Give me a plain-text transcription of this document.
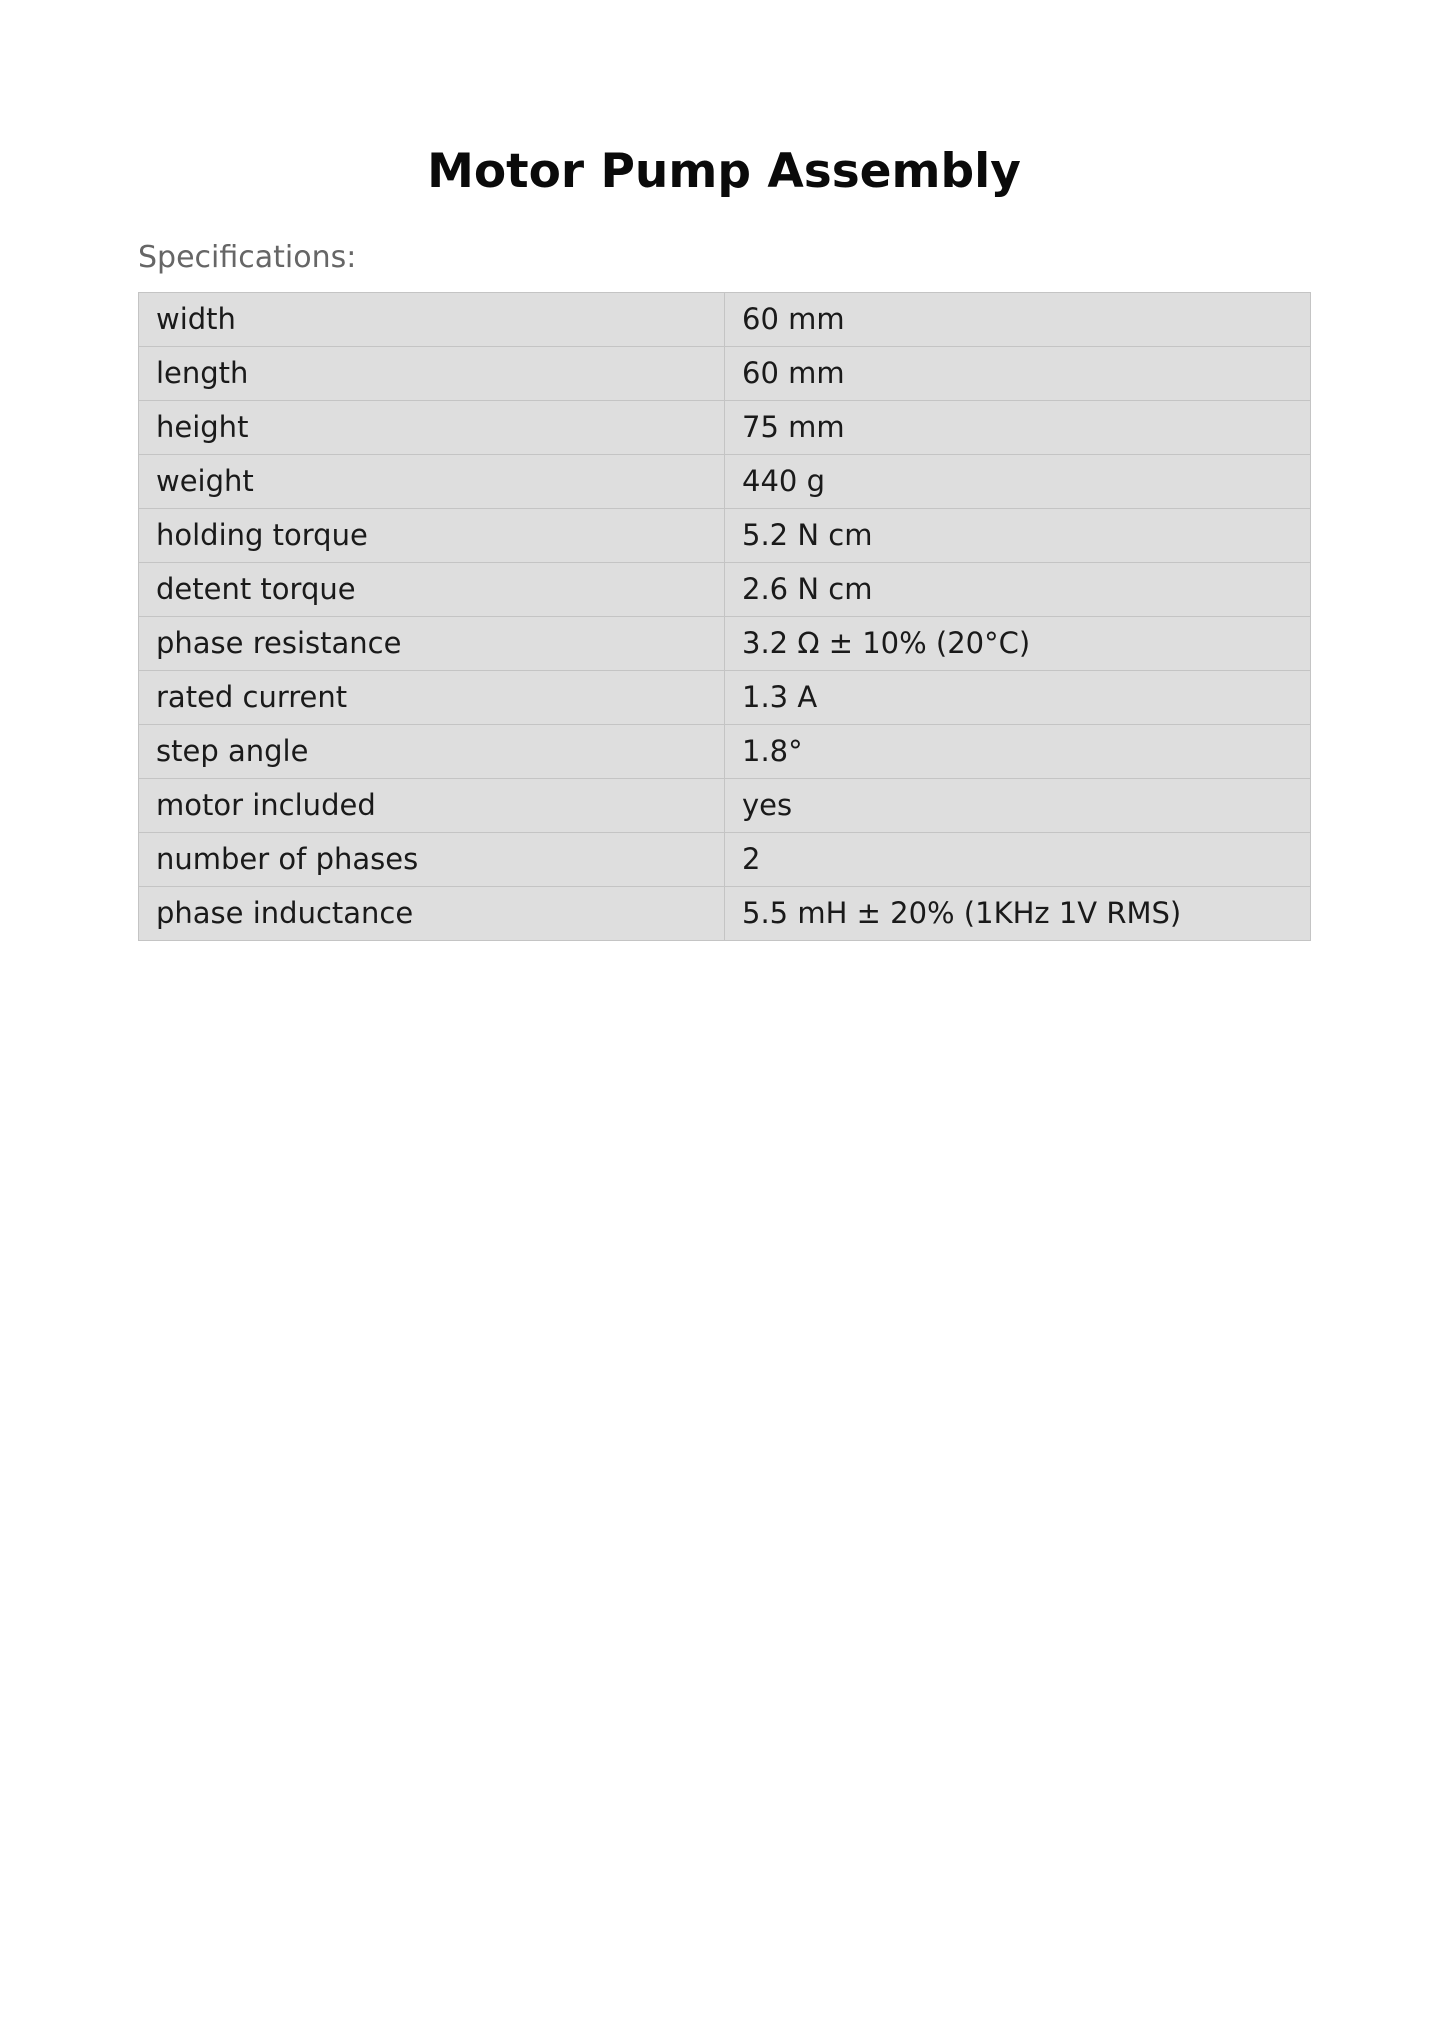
Motor Pump Assembly
Specifications:
width	60 mm
length	60 mm
height	75 mm
weight	440 g
holding torque	5.2 N cm
detent torque	2.6 N cm
phase resistance	3.2 Ω ± 10% (20°C)
rated current	1.3 A
step angle	1.8°
motor included	yes
number of phases	2
phase inductance	5.5 mH ± 20% (1KHz 1V RMS)
